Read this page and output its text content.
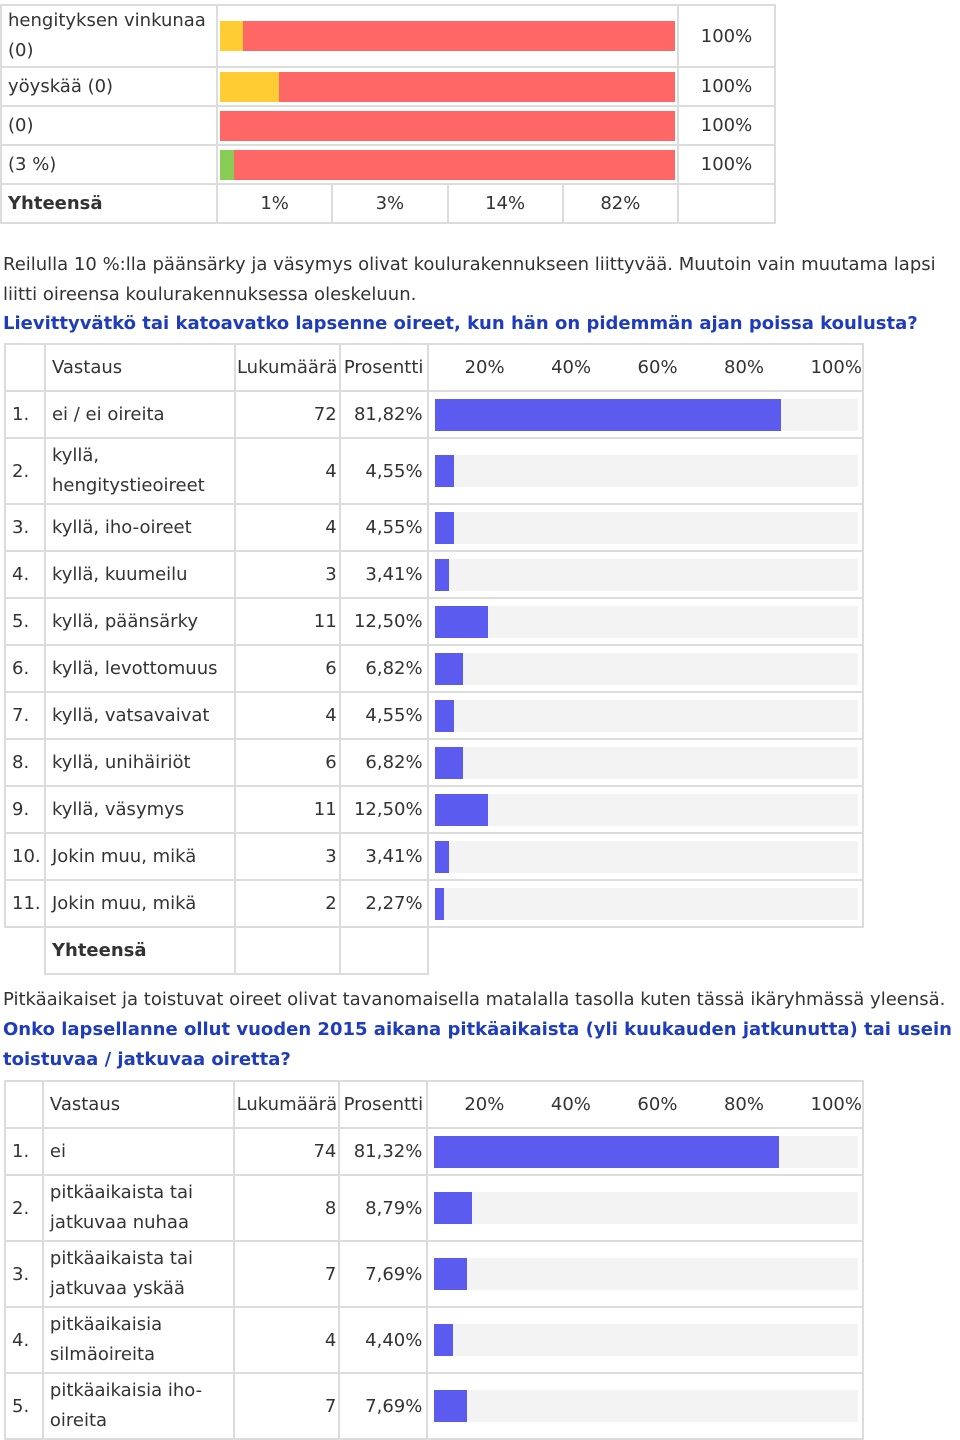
hengityksen vinkunaa (0)		100%
yöyskää (0)		100%
(0)		100%
(3 %)		100%
Yhteensä	1% 3% 14% 82%	

Reilulla 10 %:lla päänsärky ja väsymys olivat koulurakennukseen liittyvää. Muutoin vain muutama lapsi liitti oireensa koulurakennuksessa oleskeluun.
Lievittyvätkö tai katoavatko lapsenne oireet, kun hän on pidemmän ajan poissa koulusta?
	Vastaus	Lukumäärä	Prosentti	20% 40% 60% 80% 100%

1.	ei / ei oireita	72	81,82%	

2.	kyllä, hengitystieoireet	4	4,55%	

3.	kyllä, iho-oireet	4	4,55%	

4.	kyllä, kuumeilu	3	3,41%	

5.	kyllä, päänsärky	11	12,50%	

6.	kyllä, levottomuus	6	6,82%	

7.	kyllä, vatsavaivat	4	4,55%	

8.	kyllä, unihäiriöt	6	6,82%	

9.	kyllä, väsymys	11	12,50%	

10.	Jokin muu, mikä	3	3,41%	

11.	Jokin muu, mikä	2	2,27%	

	Yhteensä			
Pitkäaikaiset ja toistuvat oireet olivat tavanomaisella matalalla tasolla kuten tässä ikäryhmässä yleensä.
Onko lapsellanne ollut vuoden 2015 aikana pitkäaikaista (yli kuukauden jatkunutta) tai usein toistuvaa / jatkuvaa oiretta?
	Vastaus	Lukumäärä	Prosentti	20% 40% 60% 80% 100%

1.	ei	74	81,32%	

2.	pitkäaikaista tai jatkuvaa nuhaa	8	8,79%	

3.	pitkäaikaista tai jatkuvaa yskää	7	7,69%	

4.	pitkäaikaisia silmäoireita	4	4,40%	

5.	pitkäaikaisia iho-oireita	7	7,69%	
